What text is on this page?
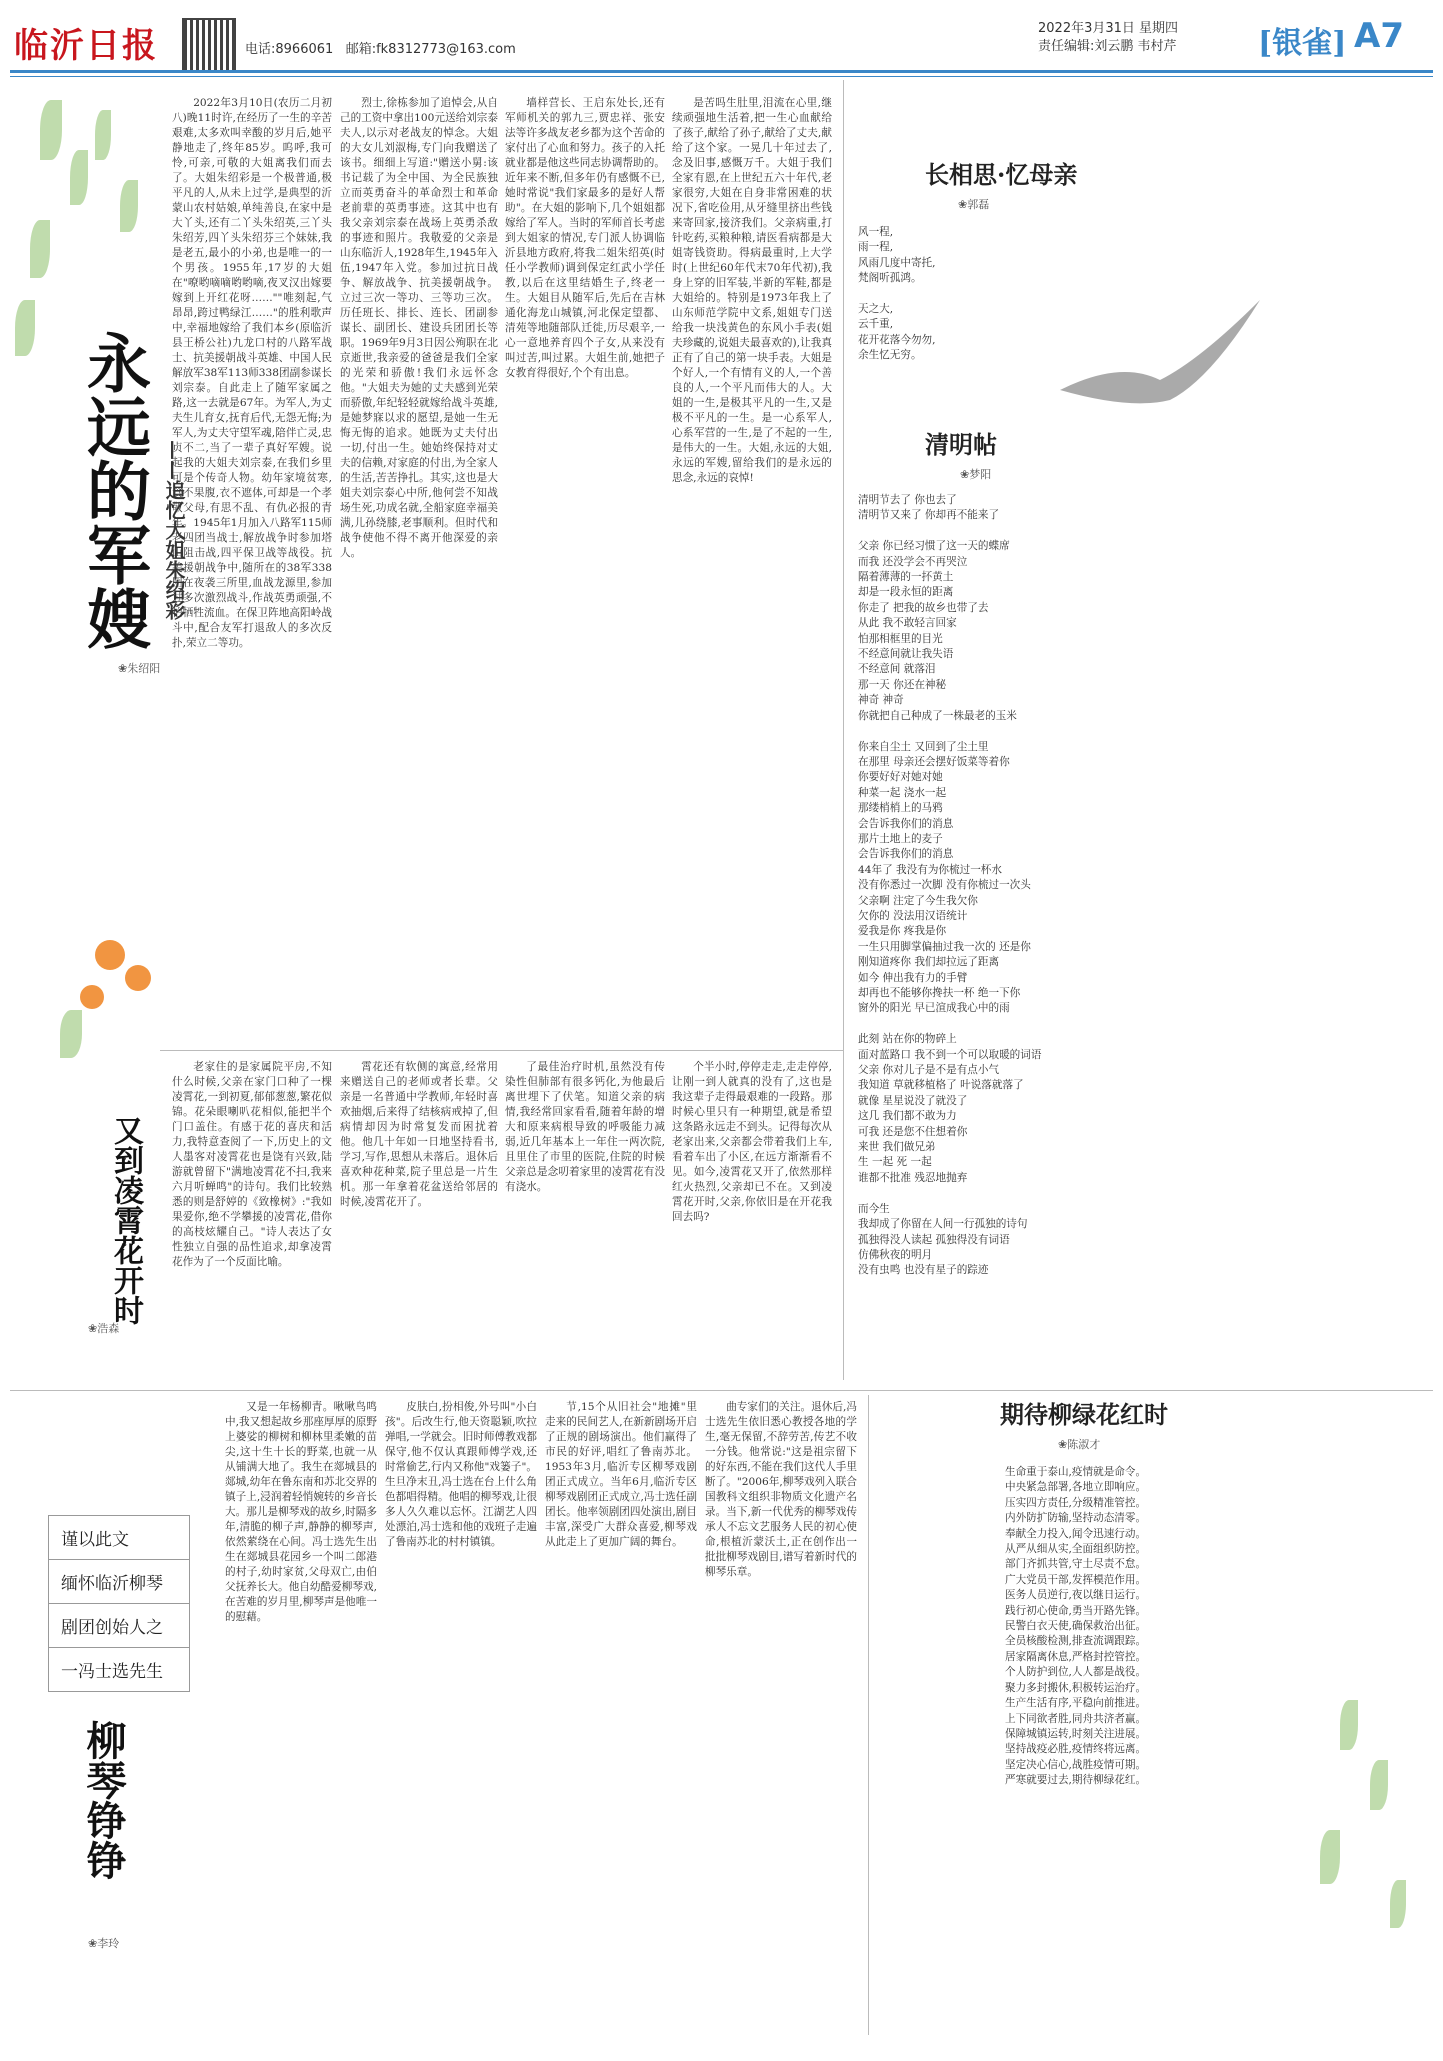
临沂日报	电话:8966061 邮箱:fk8312773@163.com
2022年3月31日 星期四
责任编辑:刘云鹏 韦村芹	[银雀] A7
永远的军嫂 ——追忆大姐朱绍彩
❀朱绍阳

2022年3月10日(农历二月初八)晚11时许,在经历了一生的辛苦艰难,太多欢叫幸酸的岁月后,她平静地走了,终年85岁。呜呼,我可怜,可亲,可敬的大姐离我们而去了。大姐朱绍彩是一个极普通,极平凡的人,从未上过学,是典型的沂蒙山农村姑娘,单纯善良,在家中是大丫头,还有二丫头朱绍英,三丫头朱绍芳,四丫头朱绍芬三个妹妹,我是老五,最小的小弟,也是唯一的一个男孩。1955年,17岁的大姐在"嘹哟嘀嘀哟哟嘀,夜叉汉出嫁要嫁到上开红花呀……""唯刻起,气昂昂,跨过鸭绿江……"的胜利歌声中,幸福地嫁给了我们本乡(原临沂县王桥公社)九龙口村的八路军战士、抗美援朝战斗英雄、中国人民解放军38军113师338团副参谋长刘宗泰。自此走上了随军家属之路,这一去就是67年。为军人,为丈夫生儿育女,抚育后代,无怨无悔;为军人,为丈夫守望军魂,陪伴亡灵,忠贞不二,当了一辈子真好军嫂。说起我的大姐夫刘宗泰,在我们乡里可是个传奇人物。幼年家境贫寒,食不果腹,衣不遮体,可却是一个孝敬父母,有思不乱、有仇必报的青年。1945年1月加入八路军115师老四团当战士,解放战争时参加塔山阻击战,四平保卫战等战役。抗美援朝战争中,随所在的38军338团在夜袭三所里,血战龙源里,参加过多次激烈战斗,作战英勇顽强,不怕牺牲流血。在保卫阵地高阳岭战斗中,配合友军打退敌人的多次反扑,荣立二等功。

烈士,徐栋参加了追悼会,从自己的工资中拿出100元送给刘宗泰夫人,以示对老战友的悼念。大姐的大女儿刘淑梅,专门向我赠送了该书。细细上写道:"赠送小舅:该书记载了为全中国、为全民族独立而英勇奋斗的革命烈士和革命老前辈的英勇事迹。这其中也有我父亲刘宗泰在战场上英勇杀敌的事迹和照片。我敬爱的父亲是山东临沂人,1928年生,1945年入伍,1947年入党。参加过抗日战争、解放战争、抗美援朝战争。立过三次一等功、三等功三次。历任班长、排长、连长、团副参谋长、副团长、建设兵团团长等职。1969年9月3日因公殉职在北京逝世,我亲爱的爸爸是我们全家的光荣和骄傲!我们永远怀念他。"大姐夫为她的丈夫感到光荣而骄傲,年纪轻轻就嫁给战斗英雄,是她梦寐以求的愿望,是她一生无悔无悔的追求。她既为丈夫付出一切,付出一生。她始终保持对丈夫的信赖,对家庭的付出,为全家人的生活,苦苦挣扎。其实,这也是大姐夫刘宗泰心中所,他何尝不知战场生死,功成名就,全船家庭幸福美满,儿孙绕膝,老事顺利。但时代和战争使他不得不离开他深爱的亲人。

墙样营长、王启东处长,还有军师机关的郭九三,贾忠祥、张安法等许多战友老乡都为这个苦命的家付出了心血和努力。孩子的入托就业都是他这些同志协调帮助的。近年来不断,但多年仍有感慨不已,她时常说"我们家最多的是好人帮助"。在大姐的影响下,几个姐姐都嫁给了军人。当时的军师首长考虑到大姐家的情况,专门派人协调临沂县地方政府,将我二姐朱绍英(时任小学教师)调到保定红武小学任教,以后在这里结婚生子,终老一生。大姐目从随军后,先后在吉林通化海龙山城镇,河北保定望都、清苑等地随部队迁徙,历尽艰辛,一心一意地养育四个子女,从来没有叫过苦,叫过累。大姐生前,她把子女教育得很好,个个有出息。

是苦吗生肚里,泪流在心里,继续顽强地生活着,把一生心血献给了孩子,献给了孙子,献给了丈夫,献给了这个家。一晃几十年过去了,念及旧事,感慨万千。大姐于我们全家有恩,在上世纪五六十年代,老家很穷,大姐在自身非常困难的状况下,省吃俭用,从牙缝里挤出些钱来寄回家,接济我们。父亲病重,打针吃药,买粮种粮,请医看病都是大姐寄钱资助。得病最重时,上大学时(上世纪60年代末70年代初),我身上穿的旧军装,半新的军鞋,都是大姐给的。特别是1973年我上了山东师范学院中文系,姐姐专门送给我一块浅黄色的东风小手表(姐夫珍藏的,说姐夫最喜欢的),让我真正有了自己的第一块手表。大姐是个好人,一个有情有义的人,一个善良的人,一个平凡而伟大的人。大姐的一生,是极其平凡的一生,又是极不平凡的一生。是一心系军人,心系军营的一生,是了不起的一生,是伟大的一生。大姐,永远的大姐,永远的军嫂,留给我们的是永远的思念,永远的哀悼!

长相思·忆母亲
❀郭磊
风一程,
雨一程,
风雨几度中寄托,
梵阁听孤鸿。

天之大,
云千重,
花开花落今勿勿,
余生忆无穷。
清明帖
❀梦阳
清明节去了 你也去了
清明节又来了 你却再不能来了

父亲 你已经习惯了这一天的蝶席
而我 还没学会不再哭泣
隔着薄薄的一抔黄土
却是一段永恒的距离
你走了 把我的故乡也带了去
从此 我不敢轻言回家
怕那相框里的目光
不经意间就让我失语
不经意间 就落泪
那一天 你还在神秘
神奇 神奇
你就把自己种成了一株最老的玉米

你来自尘土 又回到了尘土里
在那里 母亲还会摆好饭菜等着你
你要好好对她对她
种菜一起 浇水一起
那缕梢梢上的马鸦
会告诉我你们的消息
那片土地上的麦子
会告诉我你们的消息
44年了 我没有为你梳过一杯水
没有你悉过一次脚 没有你梳过一次头
父亲啊 注定了今生我欠你
欠你的 没法用汉语统计
爱我是你 疼我是你
一生只用脚掌偏抽过我一次的 还是你
刚知道疼你 我们却拉远了距离
如今 伸出我有力的手臂
却再也不能够你搀扶一杯 绝一下你
窗外的阳光 早已渲成我心中的雨

此刻 站在你的物碎上
面对蓝路口 我不到一个可以取暖的词语
父亲 你对儿子是不是有点小气
我知道 草就移植格了 叶说落就落了
就像 星星说没了就没了
这几 我们都不敢为力
可我 还是您不住想着你
来世 我们做兄弟
生 一起 死 一起
谁都不批准 残忍地抛弃

而今生
我却成了你留在人间一行孤独的诗句
孤独得没人读起 孤独得没有词语
仿佛秋夜的明月
没有虫鸣 也没有星子的踪迹
又到凌霄花开时
❀浩森

老家住的是家属院平房,不知什么时候,父亲在家门口种了一棵凌霄花,一到初夏,郁郁葱葱,繁花似锦。花朵眼喇叭花相似,能把半个门口盖住。有感于花的喜庆和活力,我特意查阅了一下,历史上的文人墨客对凌霄花也是饶有兴致,陆游就曾留下"满地凌霄花不扫,我来六月听蝉鸣"的诗句。我们比较熟悉的则是舒婷的《致橡树》:"我如果爱你,绝不学攀援的凌霄花,借你的高枝炫耀自己。"诗人表达了女性独立自强的品性追求,却拿凌霄花作为了一个反面比喻。

霄花还有软侧的寓意,经常用来赠送自己的老师或者长辈。父亲是一名普通中学教师,年轻时喜欢抽烟,后来得了结核病戒掉了,但病情却因为时常复发而困扰着他。他几十年如一日地坚持看书,学习,写作,思想从未落后。退休后喜欢种花种菜,院子里总是一片生机。那一年拿着花盆送给邻居的时候,凌霄花开了。

了最佳治疗时机,虽然没有传染性但肺部有很多钙化,为他最后离世埋下了伏笔。知道父亲的病情,我经常回家看看,随着年龄的增大和原来病根导致的呼吸能力减弱,近几年基本上一年住一两次院,且里住了市里的医院,住院的时候父亲总是念叨着家里的凌霄花有没有浇水。

个半小时,停停走走,走走停停,让刚一到人就真的没有了,这也是我这辈子走得最艰难的一段路。那时候心里只有一种期望,就是希望这条路永远走不到头。记得每次从老家出来,父亲都会带着我们上车,看着车出了小区,在远方渐渐看不见。如今,凌霄花又开了,依然那样红火热烈,父亲却已不在。又到凌霄花开时,父亲,你依旧是在开花我回去吗?

谨以此文
缅怀临沂柳琴
剧团创始人之
一冯士选先生
柳琴铮铮
❀李玲

又是一年杨柳青。啾啾鸟鸣中,我又想起故乡那座厚厚的原野上婆娑的柳树和柳林里柔嫩的苗尖,这十生十长的野菜,也就一从从铺满大地了。我生在郯城县的郯城,幼年在鲁东南和苏北交界的镇子上,浸润着轻悄婉转的乡音长大。那儿是柳琴戏的故乡,时隔多年,清脆的柳子声,静静的柳琴声,依然萦绕在心间。冯士选先生出生在郯城县花园乡一个叫二郎港的村子,幼时家贫,父母双亡,由伯父抚养长大。他自幼酷爱柳琴戏,在苦难的岁月里,柳琴声是他唯一的慰藉。

皮肤白,扮相俊,外号叫"小白孩"。后改生行,他天资聪颖,吹拉弹唱,一学就会。旧时师傅教戏都保守,他不仅认真跟师傅学戏,还时常偷艺,行内又称他"戏篓子"。生旦净末丑,冯士选在台上什么角色都唱得精。他唱的柳琴戏,让很多人久久难以忘怀。江湖艺人四处漂泊,冯士选和他的戏班子走遍了鲁南苏北的村村镇镇。

节,15个从旧社会"地摊"里走来的民间艺人,在新新剧场开启了正规的剧场演出。他们赢得了市民的好评,唱红了鲁南苏北。1953年3月,临沂专区柳琴戏剧团正式成立。当年6月,临沂专区柳琴戏剧团正式成立,冯士选任副团长。他率领剧团四处演出,剧目丰富,深受广大群众喜爱,柳琴戏从此走上了更加广阔的舞台。

曲专家们的关注。退休后,冯士选先生依旧悉心教授各地的学生,毫无保留,不辞劳苦,传艺不收一分钱。他常说:"这是祖宗留下的好东西,不能在我们这代人手里断了。"2006年,柳琴戏列入联合国教科文组织非物质文化遗产名录。当下,新一代优秀的柳琴戏传承人不忘文艺服务人民的初心使命,根植沂蒙沃土,正在创作出一批批柳琴戏剧目,谱写着新时代的柳琴乐章。

期待柳绿花红时
❀陈淑才
生命重于泰山,疫情就是命令。
中央紧急部署,各地立即响应。
压实四方责任,分级精准管控。
内外防扩防输,坚持动态清零。
奉献全力投入,闻令迅速行动。
从严从细从实,全面组织防控。
部门齐抓共管,守土尽责不怠。
广大党员干部,发挥模范作用。
医务人员逆行,夜以继日运行。
践行初心使命,勇当开路先锋。
民警白衣天使,确保救治出征。
全员核酸检测,排查流调跟踪。
居家隔离休息,严格封控管控。
个人防护到位,人人都是战役。
聚力多封搬休,积极转运治疗。
生产生活有序,平稳向前推进。
上下同欲者胜,同舟共济者赢。
保障城镇运转,时刻关注进展。
坚持战疫必胜,疫情终将远离。
坚定决心信心,战胜疫情可期。
严寒就要过去,期待柳绿花红。
